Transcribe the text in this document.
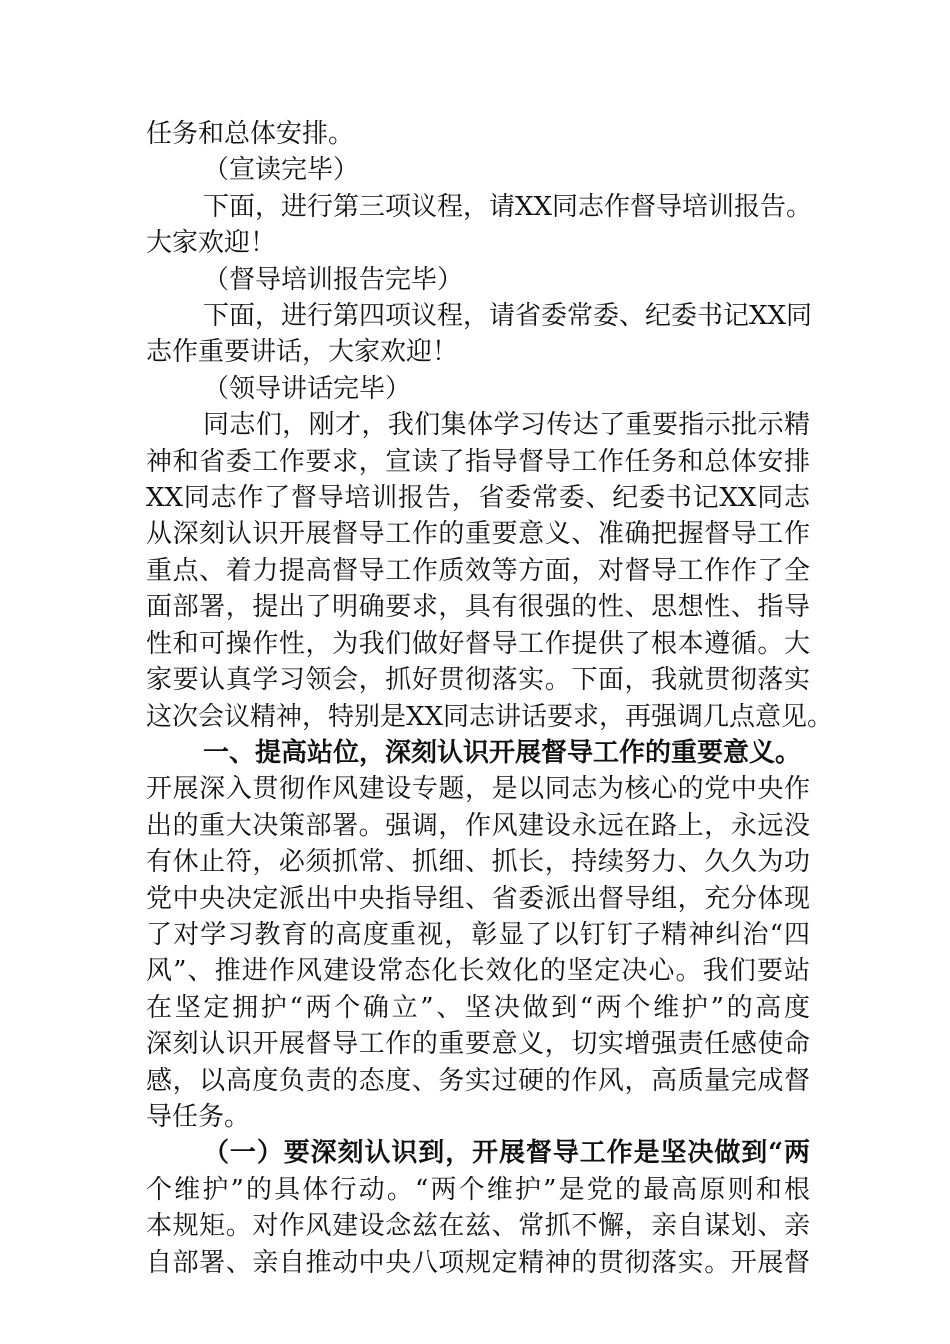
任务和总体安排。
（宣读完毕）
下面，进行第三项议程，请XX同志作督导培训报告。
大家欢迎！
（督导培训报告完毕）
下面，进行第四项议程，请省委常委、纪委书记XX同
志作重要讲话，大家欢迎！
（领导讲话完毕）
同志们，刚才，我们集体学习传达了重要指示批示精
神和省委工作要求，宣读了指导督导工作任务和总体安排
XX同志作了督导培训报告，省委常委、纪委书记XX同志
从深刻认识开展督导工作的重要意义、准确把握督导工作
重点、着力提高督导工作质效等方面，对督导工作作了全
面部署，提出了明确要求，具有很强的性、思想性、指导
性和可操作性，为我们做好督导工作提供了根本遵循。大
家要认真学习领会，抓好贯彻落实。下面，我就贯彻落实
这次会议精神，特别是XX同志讲话要求，再强调几点意见。
一、提高站位，深刻认识开展督导工作的重要意义。
开展深入贯彻作风建设专题，是以同志为核心的党中央作
出的重大决策部署。强调，作风建设永远在路上，永远没
有休止符，必须抓常、抓细、抓长，持续努力、久久为功
党中央决定派出中央指导组、省委派出督导组，充分体现
了对学习教育的高度重视，彰显了以钉钉子精神纠治“四
风”、推进作风建设常态化长效化的坚定决心。我们要站
在坚定拥护“两个确立”、坚决做到“两个维护”的高度
深刻认识开展督导工作的重要意义，切实增强责任感使命
感，以高度负责的态度、务实过硬的作风，高质量完成督
导任务。
（一）要深刻认识到，开展督导工作是坚决做到“两
个维护”的具体行动。“两个维护”是党的最高原则和根
本规矩。对作风建设念兹在兹、常抓不懈，亲自谋划、亲
自部署、亲自推动中央八项规定精神的贯彻落实。开展督
